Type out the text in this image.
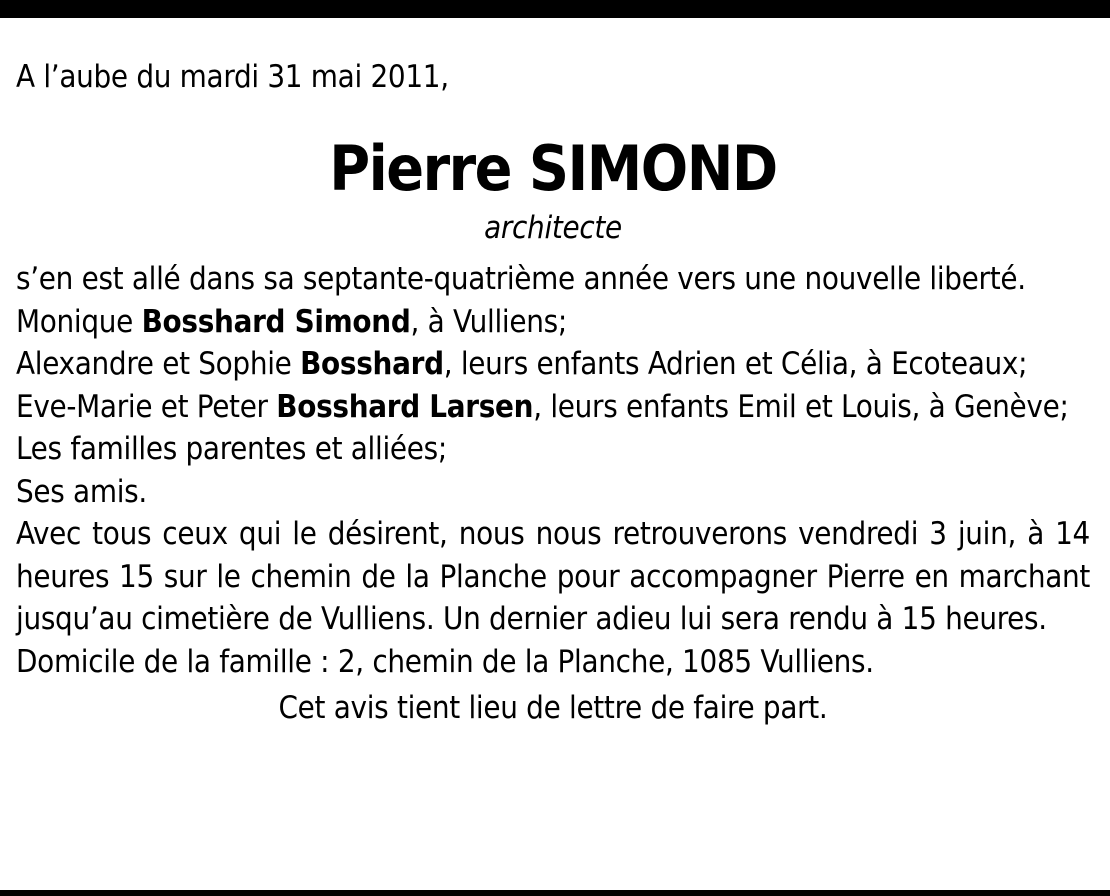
A l’aube du mardi 31 mai 2011,

Pierre SIMOND
architecte

s’en est allé dans sa septante-quatrième année vers une nouvelle liberté.

Monique Bosshard Simond, à Vulliens;

Alexandre et Sophie Bosshard, leurs enfants Adrien et Célia, à Ecoteaux;

Eve-Marie et Peter Bosshard Larsen, leurs enfants Emil et Louis, à Genève;

Les familles parentes et alliées;

Ses amis.

Avec tous ceux qui le désirent, nous nous retrouverons vendredi 3 juin, à 14 heures 15 sur le chemin de la Planche pour accompagner Pierre en marchant jusqu’au cimetière de Vulliens. Un dernier adieu lui sera rendu à 15 heures.

Domicile de la famille : 2, chemin de la Planche, 1085 Vulliens.

Cet avis tient lieu de lettre de faire part.
